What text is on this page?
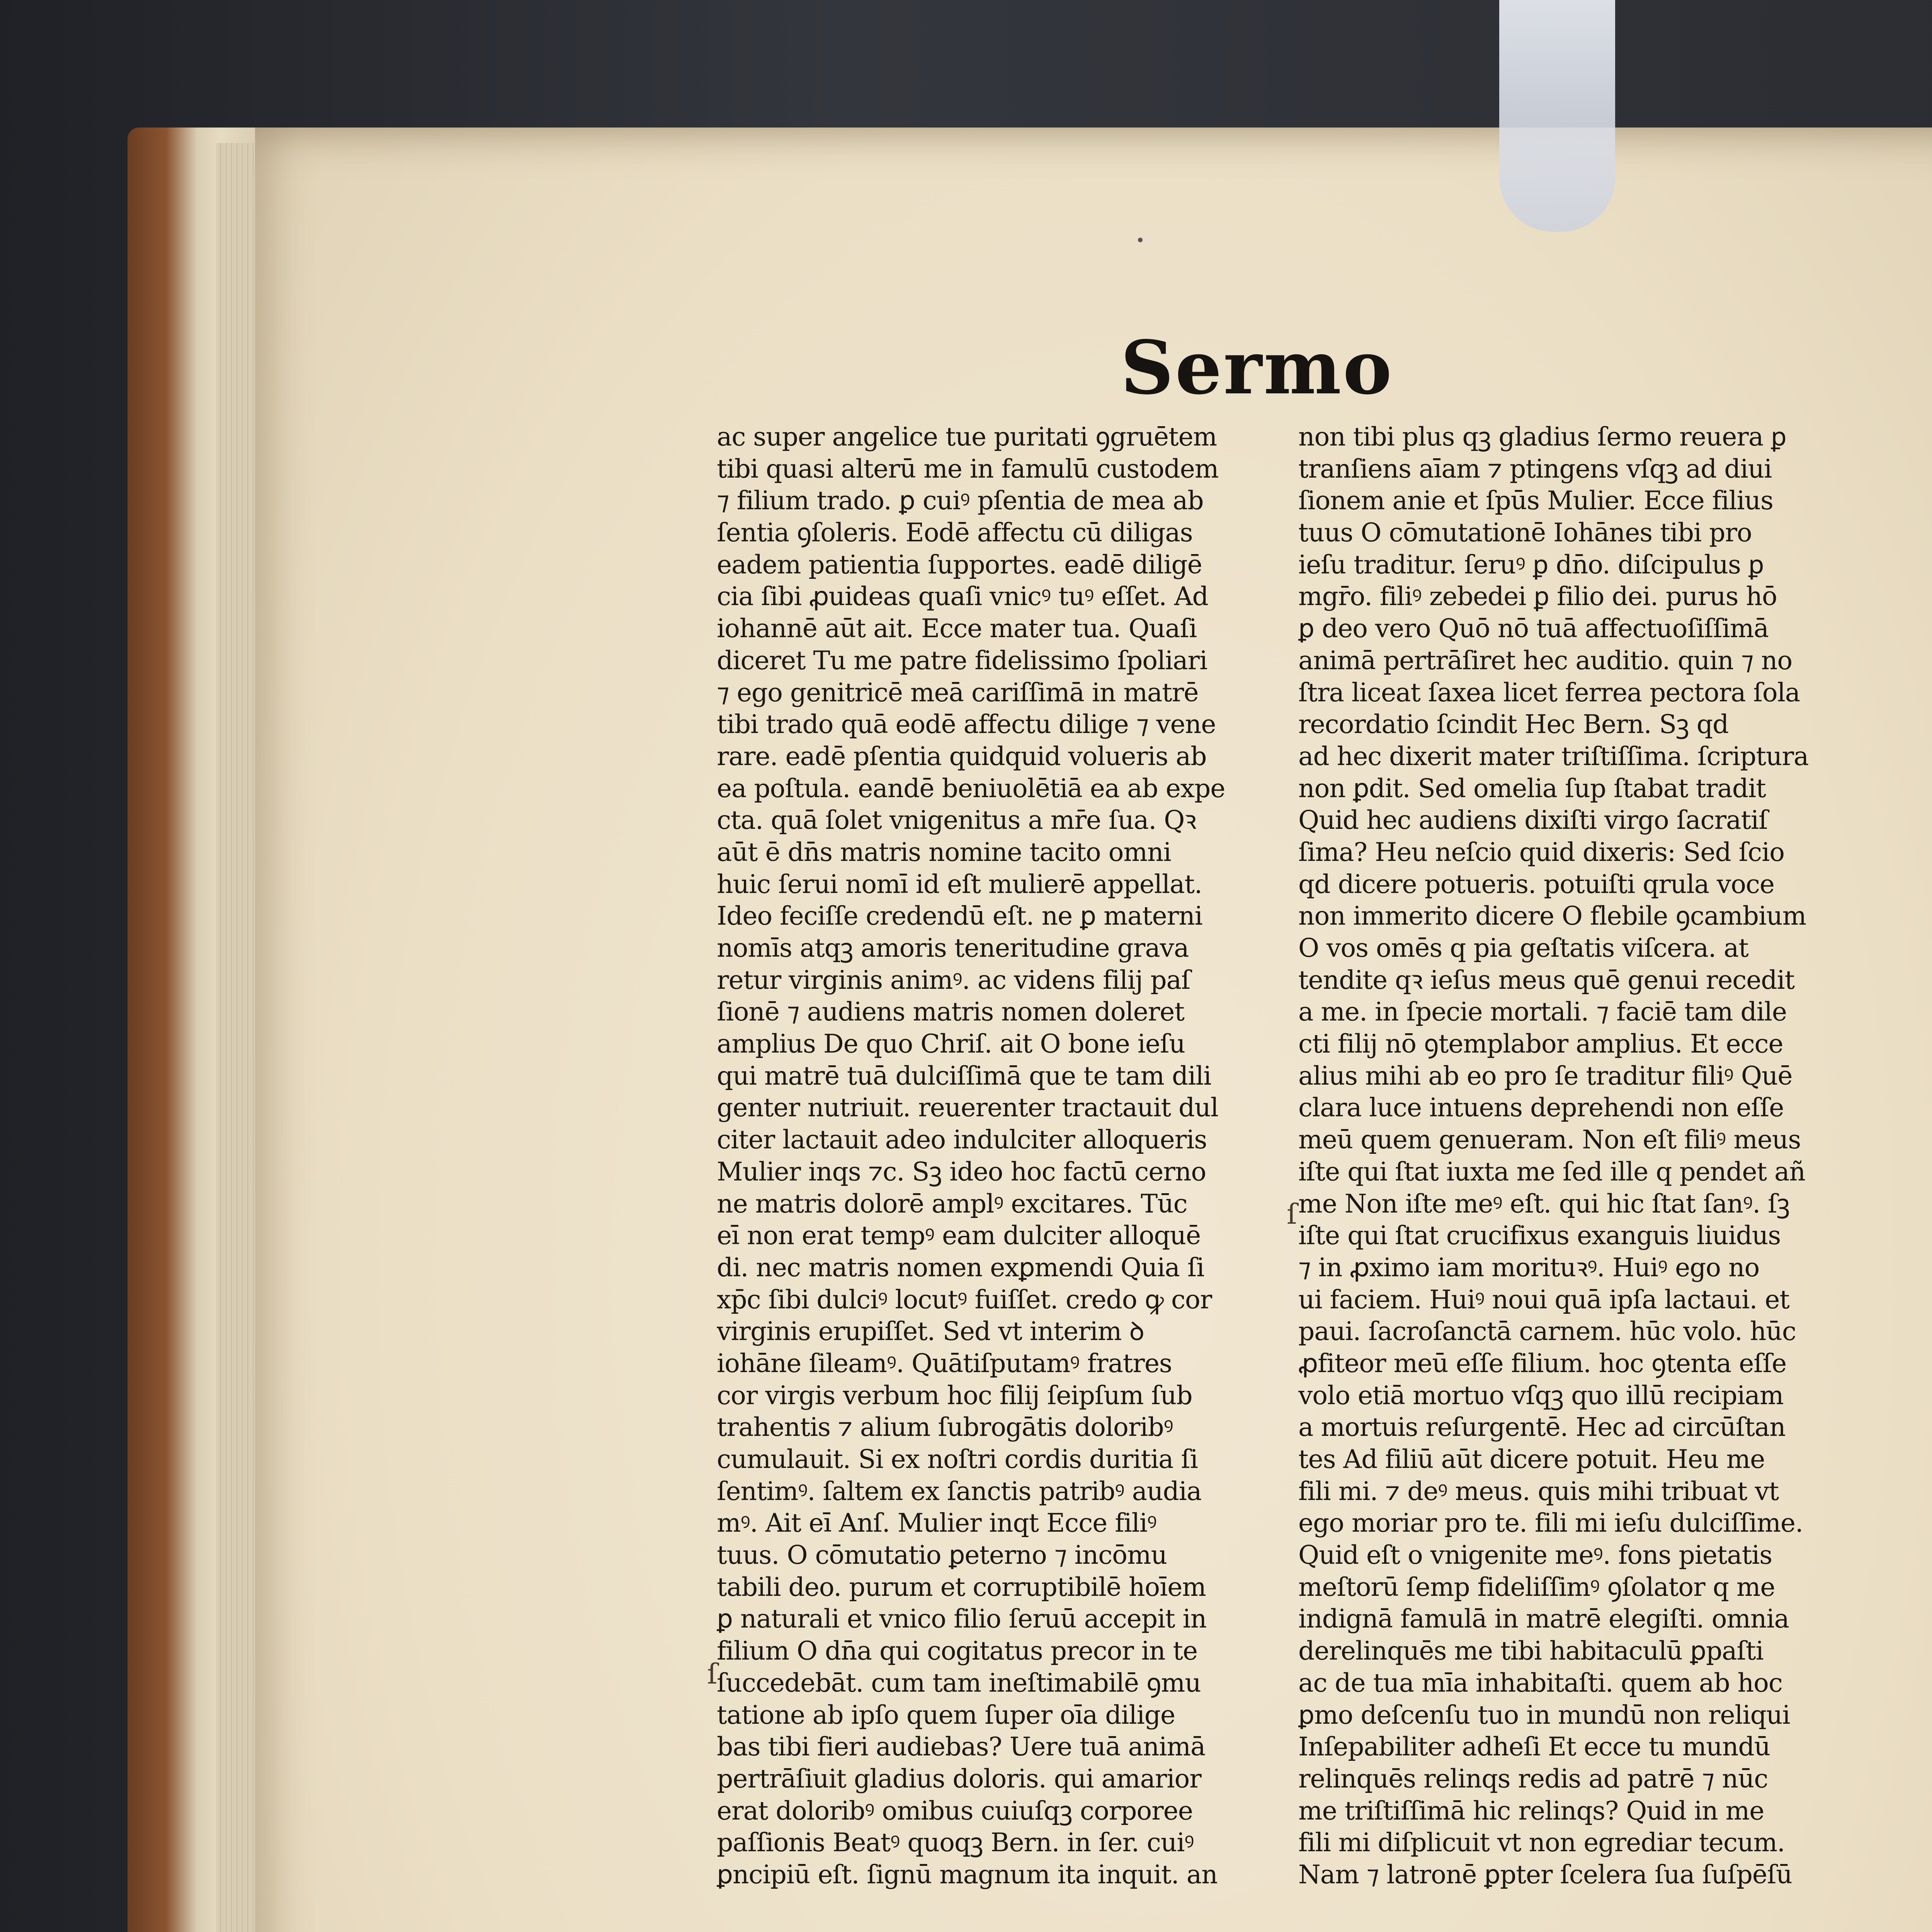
Sermo
ac super angelice tue puritati ꝯgruētem
tibi quasi alterū me in famulū custodem
⁊ filium trado. ꝑ cuiꝰ pſentia de mea ab
ſentia ꝯſoleris. Eodē affectu cū diligas
eadem patientia ſupportes. eadē diligē
cia ſibi ꝓuideas quaſi vnicꝰ tuꝰ eſſet. Ad
iohannē aūt ait. Ecce mater tua. Quaſi
diceret Tu me patre fidelissimo ſpoliari
⁊ ego genitricē meā cariſſimā in matrē
tibi trado quā eodē affectu dilige ⁊ vene
rare. eadē pſentia quidquid volueris ab
ea poſtula. eandē beniuolētiā ea ab expe
cta. quā ſolet vnigenitus a mr̄e ſua. Qꝛ
aūt ē dn̄s matris nomine tacito omni
huic ſerui nomī id eſt mulierē appellat.
Ideo feciſſe credendū eſt. ne ꝑ materni
nomīs atqꝫ amoris teneritudine grava
retur virginis animꝰ. ac videns filij paſ
ſionē ⁊ audiens matris nomen doleret
amplius De quo Chriſ. ait O bone ieſu
qui matrē tuā dulciſſimā que te tam dili
genter nutriuit. reuerenter tractauit dul
citer lactauit adeo indulciter alloqueris
Mulier inqs ⁊c. Sꝫ ideo hoc factū cerno
ne matris dolorē amplꝰ excitares. Tūc
eī non erat tempꝰ eam dulciter alloquē
di. nec matris nomen exꝑmendi Quia ſi
xp̄c ſibi dulciꝰ locutꝰ fuiſſet. credo ꝙ cor
virginis erupiſſet. Sed vt interim ꝺ
iohāne ſileamꝰ. Quātiſputamꝰ fratres
cor virgis verbum hoc filij ſeipſum ſub
trahentis ⁊ alium ſubrogātis doloribꝰ
cumulauit. Si ex noſtri cordis duritia ſi
ſentimꝰ. ſaltem ex ſanctis patribꝰ audia
mꝰ. Ait eī Anſ. Mulier inqt Ecce filiꝰ
tuus. O cōmutatio ꝑeterno ⁊ incōmu
tabili deo. purum et corruptibilē hoīem
ꝑ naturali et vnico filio ſeruū accepit in
filium O dn̄a qui cogitatus precor in te
ſuccedebāt. cum tam ineſtimabilē ꝯmu
tatione ab ipſo quem ſuper oīa dilige
bas tibi fieri audiebas? Uere tuā animā
pertrāſiuit gladius doloris. qui amarior
erat doloribꝰ omibus cuiuſqꝫ corporee
paſſionis Beatꝰ quoqꝫ Bern. in ſer. cuiꝰ
ꝑncipiū eſt. ſignū magnum ita inquit. an
non tibi plus qꝫ gladius ſermo reuera ꝑ
tranſiens aīam ⁊ ptingens vſqꝫ ad diui
ſionem anie et ſpūs Mulier. Ecce filius
tuus O cōmutationē Iohānes tibi pro
ieſu traditur. ſeruꝰ ꝑ dn̄o. diſcipulus ꝑ
mgr̄o. filiꝰ zebedei ꝑ filio dei. purus hō
ꝑ deo vero Quō nō tuā affectuoſiſſimā
animā pertrāſiret hec auditio. quin ⁊ no
ſtra liceat ſaxea licet ferrea pectora ſola
recordatio ſcindit Hec Bern. Sꝫ qd
ad hec dixerit mater triſtiſſima. ſcriptura
non ꝑdit. Sed omelia ſup ſtabat tradit
Quid hec audiens dixiſti virgo ſacratiſ
ſima? Heu neſcio quid dixeris: Sed ſcio
qd dicere potueris. potuiſti qrula voce
non immerito dicere O flebile ꝯcambium
O vos omēs q pia geſtatis viſcera. at
tendite qꝛ ieſus meus quē genui recedit
a me. in ſpecie mortali. ⁊ faciē tam dile
cti filij nō ꝯtemplabor amplius. Et ecce
alius mihi ab eo pro ſe traditur filiꝰ Quē
clara luce intuens deprehendi non eſſe
meū quem genueram. Non eſt filiꝰ meus
iſte qui ſtat iuxta me ſed ille q pendet añ
me Non iſte meꝰ eſt. qui hic ſtat ſanꝰ. ſꝫ
iſte qui ſtat crucifixus exanguis liuidus
⁊ in ꝓximo iam morituꝛꝰ. Huiꝰ ego no
ui faciem. Huiꝰ noui quā ipſa lactaui. et
paui. ſacroſanctā carnem. hūc volo. hūc
ꝓfiteor meū eſſe filium. hoc ꝯtenta eſſe
volo etiā mortuo vſqꝫ quo illū recipiam
a mortuis reſurgentē. Hec ad circūſtan
tes Ad filiū aūt dicere potuit. Heu me
fili mi. ⁊ deꝰ meus. quis mihi tribuat vt
ego moriar pro te. fili mi ieſu dulciſſime.
Quid eſt o vnigenite meꝰ. fons pietatis
meſtorū ſemp fideliſſimꝰ ꝯſolator q me
indignā famulā in matrē elegiſti. omnia
derelinquēs me tibi habitaculū ꝑpaſti
ac de tua mīa inhabitaſti. quem ab hoc
ꝑmo deſcenſu tuo in mundū non reliqui
Inſepabiliter adheſi Et ecce tu mundū
relinquēs relinqs redis ad patrē ⁊ nūc
me triſtiſſimā hic relinqs? Quid in me
fili mi diſplicuit vt non egrediar tecum.
Nam ⁊ latronē ꝑpter ſcelera ſua ſuſpēſū
ſ
ſ
